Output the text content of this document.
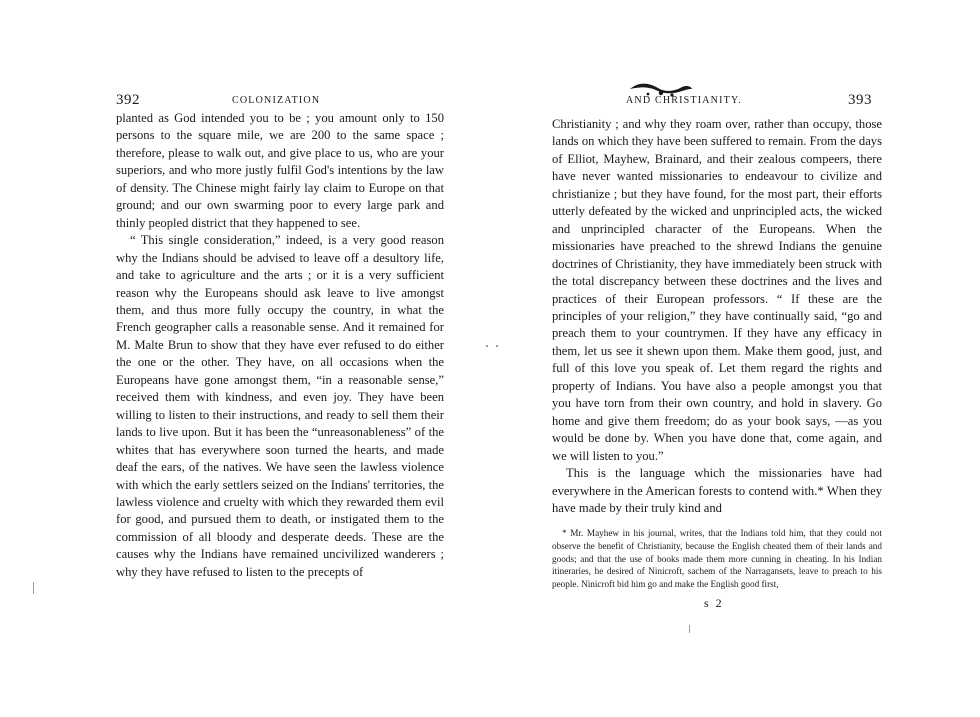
392	COLONIZATION

planted as God intended you to be ; you amount only to 150 persons to the square mile, we are 200 to the same space ; therefore, please to walk out, and give place to us, who are your superiors, and who more justly fulfil God's intentions by the law of density. The Chinese might fairly lay claim to Europe on that ground; and our own swarming poor to every large park and thinly peopled district that they happened to see.

“ This single consideration,” indeed, is a very good reason why the Indians should be advised to leave off a desultory life, and take to agriculture and the arts ; or it is a very sufficient reason why the Europeans should ask leave to live amongst them, and thus more fully occupy the country, in what the French geographer calls a reasonable sense. And it remained for M. Malte Brun to show that they have ever refused to do either the one or the other. They have, on all occasions when the Europeans have gone amongst them, “in a reasonable sense,” received them with kindness, and even joy. They have been willing to listen to their instructions, and ready to sell them their lands to live upon. But it has been the “unreasonableness” of the whites that has everywhere soon turned the hearts, and made deaf the ears, of the natives. We have seen the lawless violence with which the early settlers seized on the Indians' territories, the lawless violence and cruelty with which they rewarded them evil for good, and pursued them to death, or instigated them to the commission of all bloody and desperate deeds. These are the causes why the Indians have remained uncivilized wanderers ; why they have refused to listen to the precepts of

AND CHRISTIANITY.	393

Christianity ; and why they roam over, rather than occupy, those lands on which they have been suffered to remain. From the days of Elliot, Mayhew, Brainard, and their zealous compeers, there have never wanted missionaries to endeavour to civilize and christianize ; but they have found, for the most part, their efforts utterly defeated by the wicked and unprincipled acts, the wicked and unprincipled character of the Europeans. When the missionaries have preached to the shrewd Indians the genuine doctrines of Christianity, they have immediately been struck with the total discrepancy between these doctrines and the lives and practices of their European professors. “ If these are the principles of your religion,” they have continually said, “go and preach them to your countrymen. If they have any efficacy in them, let us see it shewn upon them. Make them good, just, and full of this love you speak of. Let them regard the rights and property of Indians. You have also a people amongst you that you have torn from their own country, and hold in slavery. Go home and give them freedom; do as your book says, —as you would be done by. When you have done that, come again, and we will listen to you.”

This is the language which the missionaries have had everywhere in the American forests to contend with.* When they have made by their truly kind and

* Mr. Mayhew in his journal, writes, that the Indians told him, that they could not observe the benefit of Christianity, because the English cheated them of their lands and goods; and that the use of books made them more cunning in cheating. In his Indian itineraries, he desired of Ninicroft, sachem of the Narragansets, leave to preach to his people. Ninicroft bid him go and make the English good first,

s 2
